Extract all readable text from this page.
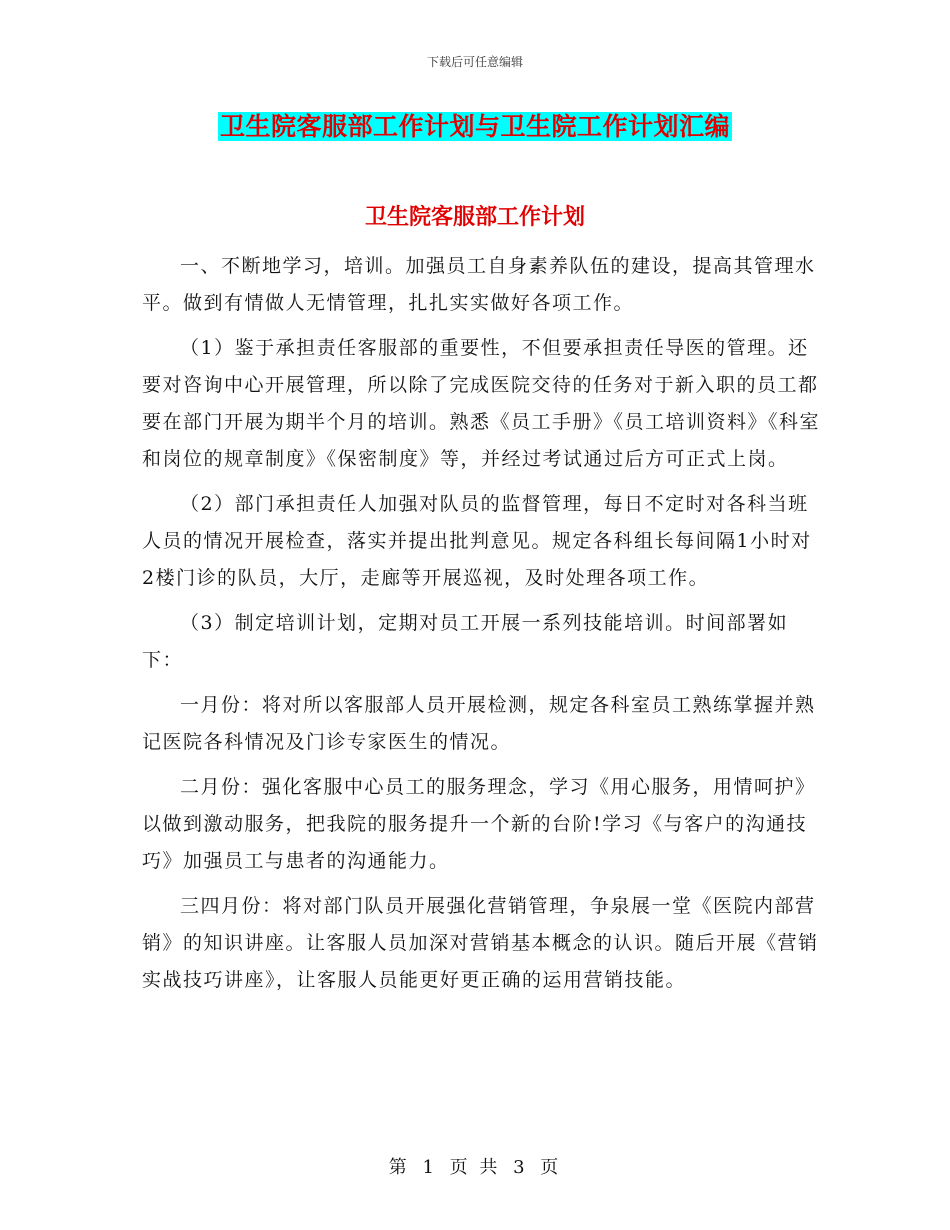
下载后可任意编辑
卫生院客服部工作计划与卫生院工作计划汇编
卫生院客服部工作计划

一、不断地学习，培训。加强员工自身素养队伍的建设，提高其管理水平。做到有情做人无情管理，扎扎实实做好各项工作。

（1）鉴于承担责任客服部的重要性，不但要承担责任导医的管理。还要对咨询中心开展管理，所以除了完成医院交待的任务对于新入职的员工都要在部门开展为期半个月的培训。熟悉《员工手册》《员工培训资料》《科室和岗位的规章制度》《保密制度》等，并经过考试通过后方可正式上岗。

（2）部门承担责任人加强对队员的监督管理，每日不定时对各科当班人员的情况开展检查，落实并提出批判意见。规定各科组长每间隔1小时对2楼门诊的队员，大厅，走廊等开展巡视，及时处理各项工作。

（3）制定培训计划，定期对员工开展一系列技能培训。时间部署如下：

一月份：将对所以客服部人员开展检测，规定各科室员工熟练掌握并熟记医院各科情况及门诊专家医生的情况。

二月份：强化客服中心员工的服务理念，学习《用心服务，用情呵护》以做到激动服务，把我院的服务提升一个新的台阶!学习《与客户的沟通技巧》加强员工与患者的沟通能力。

三四月份：将对部门队员开展强化营销管理，争泉展一堂《医院内部营销》的知识讲座。让客服人员加深对营销基本概念的认识。随后开展《营销实战技巧讲座》，让客服人员能更好更正确的运用营销技能。

第 1 页 共 3 页
